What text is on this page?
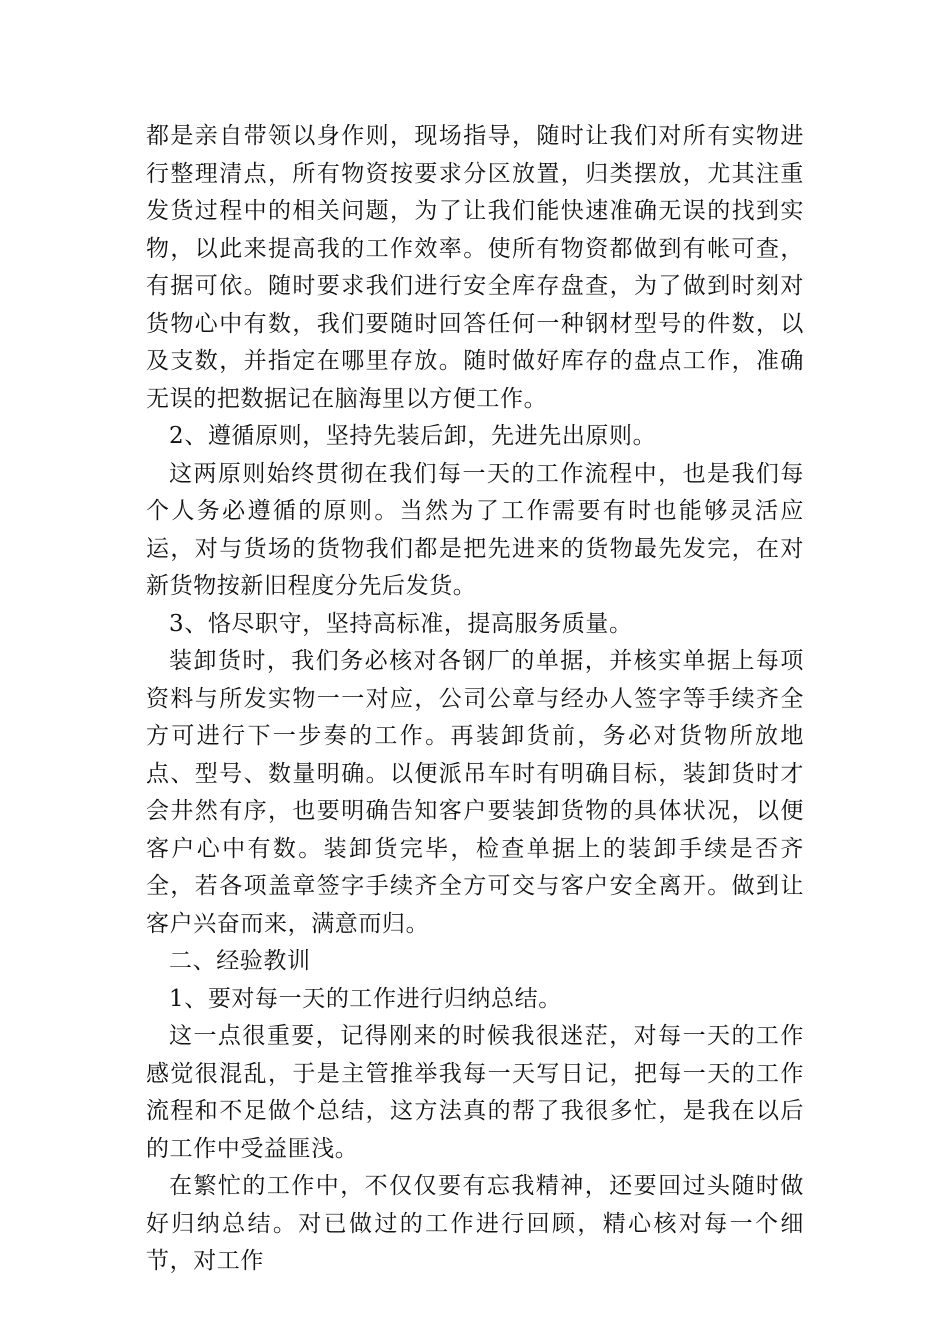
都是亲自带领以身作则，现场指导，随时让我们对所有实物进行整理清点，所有物资按要求分区放置，归类摆放，尤其注重发货过程中的相关问题，为了让我们能快速准确无误的找到实物，以此来提高我的工作效率。使所有物资都做到有帐可查，有据可依。随时要求我们进行安全库存盘查，为了做到时刻对货物心中有数，我们要随时回答任何一种钢材型号的件数，以及支数，并指定在哪里存放。随时做好库存的盘点工作，准确无误的把数据记在脑海里以方便工作。

2、遵循原则，坚持先装后卸，先进先出原则。

这两原则始终贯彻在我们每一天的工作流程中，也是我们每个人务必遵循的原则。当然为了工作需要有时也能够灵活应运，对与货场的货物我们都是把先进来的货物最先发完，在对新货物按新旧程度分先后发货。

3、恪尽职守，坚持高标准，提高服务质量。

装卸货时，我们务必核对各钢厂的单据，并核实单据上每项资料与所发实物一一对应，公司公章与经办人签字等手续齐全方可进行下一步奏的工作。再装卸货前，务必对货物所放地点、型号、数量明确。以便派吊车时有明确目标，装卸货时才会井然有序，也要明确告知客户要装卸货物的具体状况，以便客户心中有数。装卸货完毕，检查单据上的装卸手续是否齐全，若各项盖章签字手续齐全方可交与客户安全离开。做到让客户兴奋而来，满意而归。

二、经验教训

1、要对每一天的工作进行归纳总结。

这一点很重要，记得刚来的时候我很迷茫，对每一天的工作感觉很混乱，于是主管推举我每一天写日记，把每一天的工作流程和不足做个总结，这方法真的帮了我很多忙，是我在以后的工作中受益匪浅。

在繁忙的工作中，不仅仅要有忘我精神，还要回过头随时做好归纳总结。对已做过的工作进行回顾，精心核对每一个细节，对工作
